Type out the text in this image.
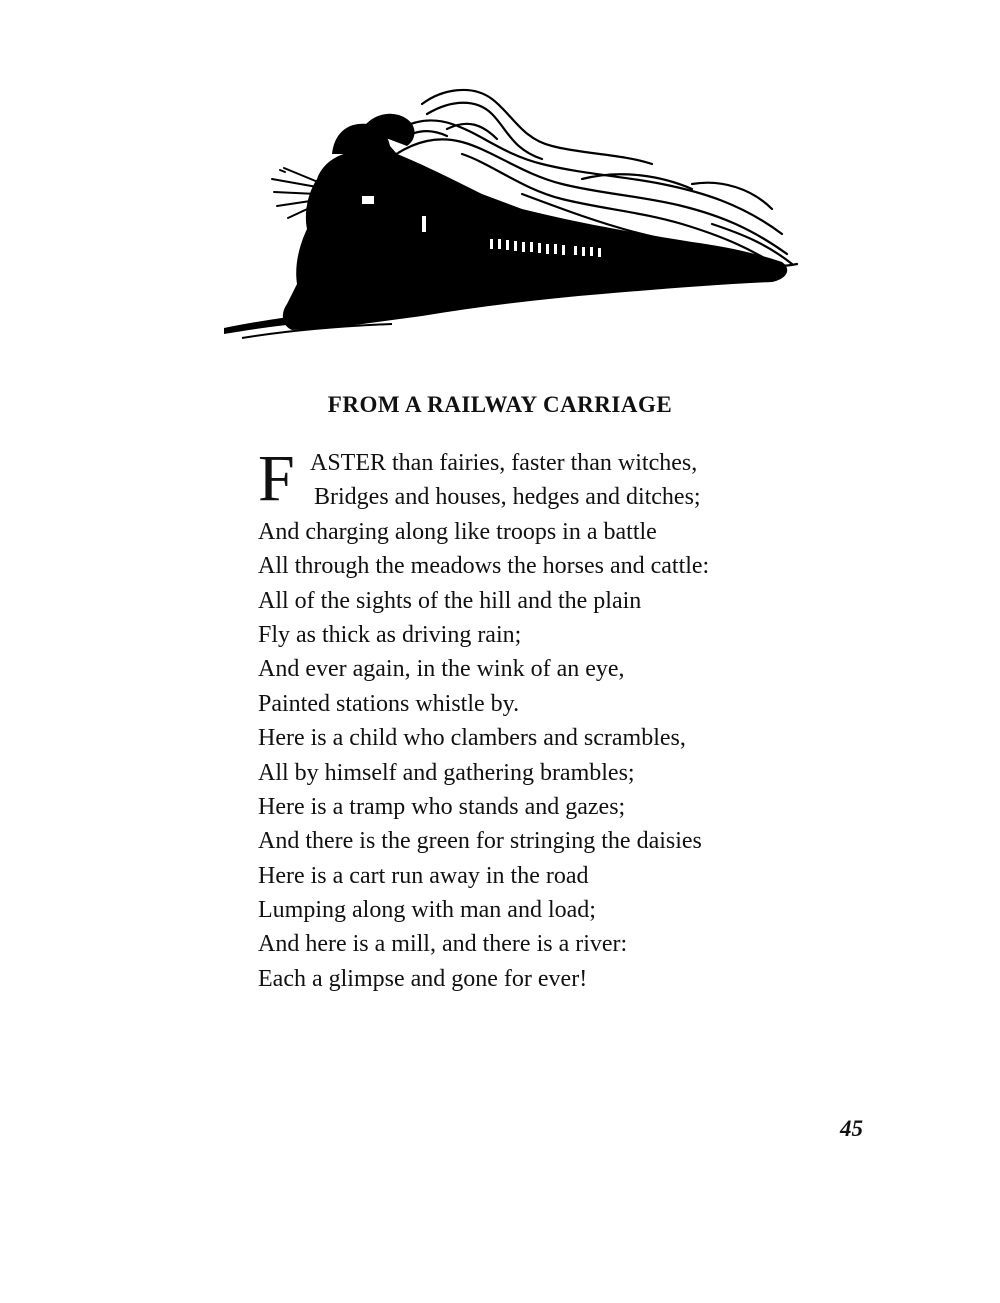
FROM A RAILWAY CARRIAGE
F ASTER than fairies, faster than witches,
Bridges and houses, hedges and ditches;
And charging along like troops in a battle
All through the meadows the horses and cattle:
All of the sights of the hill and the plain
Fly as thick as driving rain;
And ever again, in the wink of an eye,
Painted stations whistle by.
Here is a child who clambers and scrambles,
All by himself and gathering brambles;
Here is a tramp who stands and gazes;
And there is the green for stringing the daisies
Here is a cart run away in the road
Lumping along with man and load;
And here is a mill, and there is a river:
Each a glimpse and gone for ever!

45
